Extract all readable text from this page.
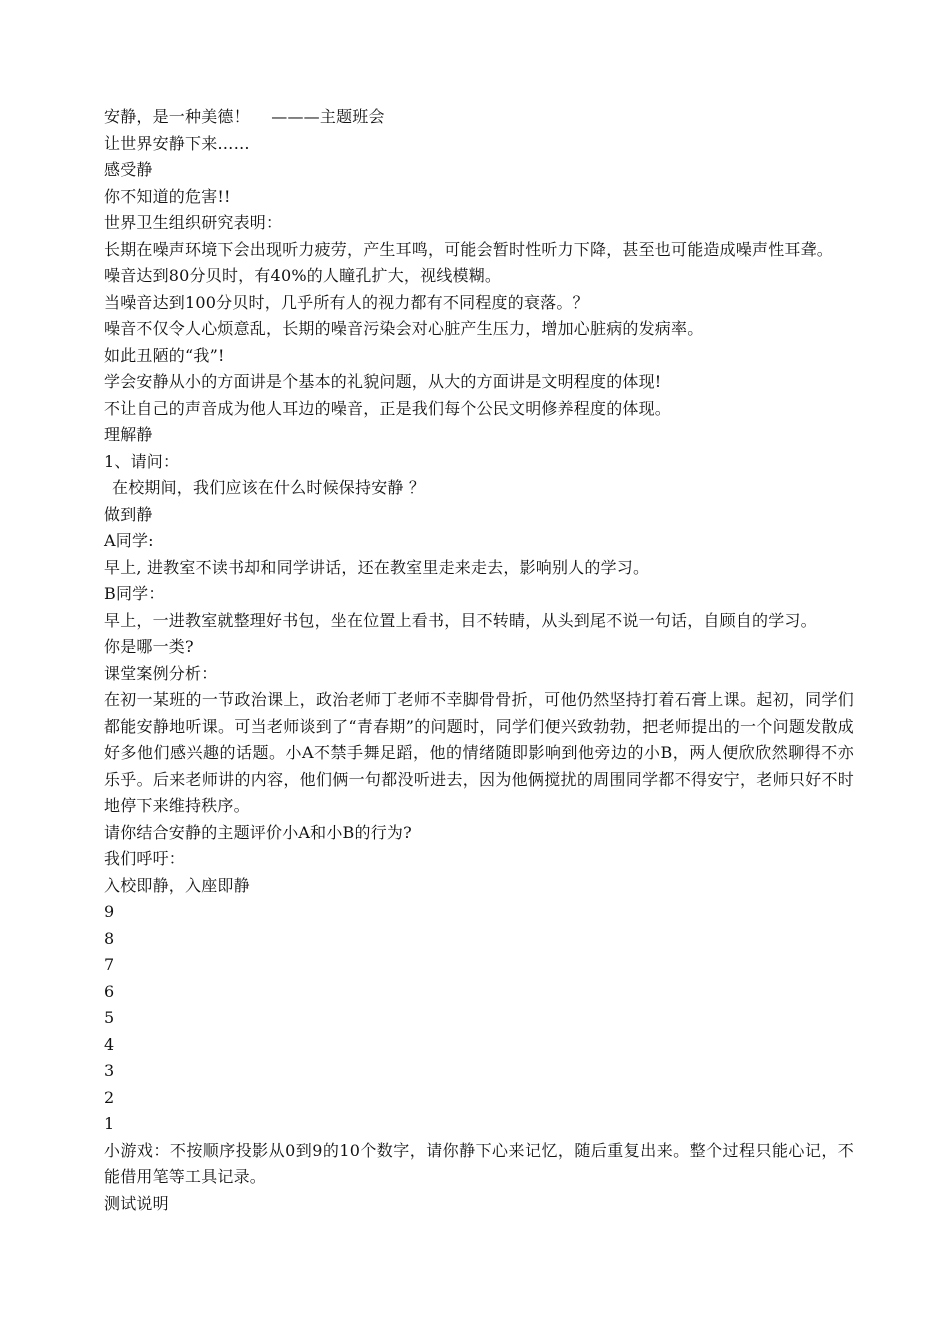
安静，是一种美德！　 ———主题班会
让世界安静下来……
感受静
你不知道的危害!!
世界卫生组织研究表明：
长期在噪声环境下会出现听力疲劳，产生耳鸣，可能会暂时性听力下降，甚至也可能造成噪声性耳聋。
噪音达到80分贝时，有40%的人瞳孔扩大，视线模糊。
当噪音达到100分贝时，几乎所有人的视力都有不同程度的衰落。？
噪音不仅令人心烦意乱，长期的噪音污染会对心脏产生压力，增加心脏病的发病率。
如此丑陋的“我”!
学会安静从小的方面讲是个基本的礼貌问题，从大的方面讲是文明程度的体现!
不让自己的声音成为他人耳边的噪音，正是我们每个公民文明修养程度的体现。
理解静
1、请问：
在校期间，我们应该在什么时候保持安静 ？
做到静
A同学:
早上, 进教室不读书却和同学讲话，还在教室里走来走去，影响别人的学习。
B同学：
早上，一进教室就整理好书包，坐在位置上看书，目不转睛，从头到尾不说一句话，自顾自的学习。
你是哪一类?
课堂案例分析：
在初一某班的一节政治课上，政治老师丁老师不幸脚骨骨折，可他仍然坚持打着石膏上课。起初，同学们都能安静地听课。可当老师谈到了“青春期”的问题时，同学们便兴致勃勃，把老师提出的一个问题发散成好多他们感兴趣的话题。小A不禁手舞足蹈，他的情绪随即影响到他旁边的小B，两人便欣欣然聊得不亦乐乎。后来老师讲的内容，他们俩一句都没听进去，因为他俩搅扰的周围同学都不得安宁，老师只好不时地停下来维持秩序。
请你结合安静的主题评价小A和小B的行为?
我们呼吁：
入校即静，入座即静
9
8
7
6
5
4
3
2
1
小游戏：不按顺序投影从0到9的10个数字，请你静下心来记忆，随后重复出来。整个过程只能心记，不能借用笔等工具记录。
测试说明
